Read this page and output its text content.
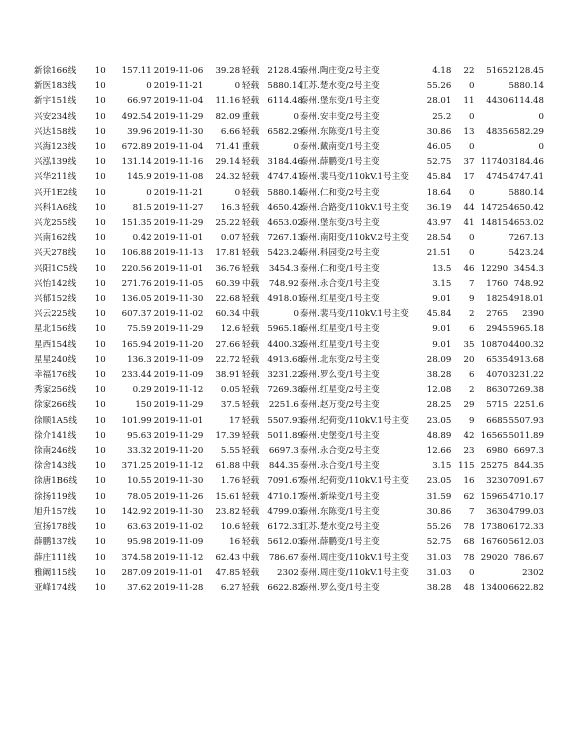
新徐166线	10	157.11	2019-11-06	39.28	轻载	2128.45	泰州.陶庄变/2号主变	4.18	22	5165	2128.45
新医183线	10	0	2019-11-21	0	轻载	5880.14	江苏.楚水变/2号主变	55.26	0		5880.14
新宇151线	10	66.97	2019-11-04	11.16	轻载	6114.48	泰州.堡东变/1号主变	28.01	11	4430	6114.48
兴安234线	10	492.54	2019-11-29	82.09	重载	0	泰州.安丰变/2号主变	25.2	0		0
兴达158线	10	39.96	2019-11-30	6.66	轻载	6582.29	泰州.东陈变/1号主变	30.86	13	4835	6582.29
兴海123线	10	672.89	2019-11-04	71.41	重载	0	泰州.戴南变/1号主变	46.05	0		0
兴泓139线	10	131.14	2019-11-16	29.14	轻载	3184.46	泰州.薛鹏变/1号主变	52.75	37	11740	3184.46
兴华211线	10	145.9	2019-11-08	24.32	轻载	4747.41	泰州.裴马变/110kV.1号主变	45.84	17	4745	4747.41
兴开1E2线	10	0	2019-11-21	0	轻载	5880.14	泰州.仁和变/2号主变	18.64	0		5880.14
兴科1A6线	10	81.5	2019-11-27	16.3	轻载	4650.42	泰州.合路变/110kV.1号主变	36.19	44	14725	4650.42
兴龙255线	10	151.35	2019-11-29	25.22	轻载	4653.02	泰州.堡东变/3号主变	43.97	41	14815	4653.02
兴南162线	10	0.42	2019-11-01	0.07	轻载	7267.13	泰州.南阳变/110kV.2号主变	28.54	0		7267.13
兴天278线	10	106.88	2019-11-13	17.81	轻载	5423.24	泰州.科园变/2号主变	21.51	0		5423.24
兴阳1C5线	10	220.56	2019-11-01	36.76	轻载	3454.3	泰州.仁和变/1号主变	13.5	46	12290	3454.3
兴怡142线	10	271.76	2019-11-05	60.39	中载	748.92	泰州.永合变/1号主变	3.15	7	1760	748.92
兴郁152线	10	136.05	2019-11-30	22.68	轻载	4918.01	泰州.红星变/1号主变	9.01	9	1825	4918.01
兴云225线	10	607.37	2019-11-02	60.34	中载	0	泰州.裴马变/110kV.1号主变	45.84	2	2765	2390
星北156线	10	75.59	2019-11-29	12.6	轻载	5965.18	泰州.红星变/1号主变	9.01	6	2945	5965.18
星西154线	10	165.94	2019-11-20	27.66	轻载	4400.32	泰州.红星变/1号主变	9.01	35	10870	4400.32
星星240线	10	136.3	2019-11-09	22.72	轻载	4913.68	泰州.北东变/2号主变	28.09	20	6535	4913.68
幸福176线	10	233.44	2019-11-09	38.91	轻载	3231.22	泰州.罗么变/1号主变	38.28	6	4070	3231.22
秀家256线	10	0.29	2019-11-12	0.05	轻载	7269.38	泰州.红星变/2号主变	12.08	2	8630	7269.38
徐家266线	10	150	2019-11-29	37.5	轻载	2251.6	泰州.赵万变/2号主变	28.25	29	5715	2251.6
徐顺1A5线	10	101.99	2019-11-01	17	轻载	5507.93	泰州.纪荷变/110kV.1号主变	23.05	9	6685	5507.93
徐介141线	10	95.63	2019-11-29	17.39	轻载	5011.89	泰州.史堡变/1号主变	48.89	42	16565	5011.89
徐南246线	10	33.32	2019-11-20	5.55	轻载	6697.3	泰州.永合变/2号主变	12.66	23	6980	6697.3
徐舍143线	10	371.25	2019-11-12	61.88	中载	844.35	泰州.永合变/1号主变	3.15	115	25275	844.35
徐唐1B6线	10	10.55	2019-11-30	1.76	轻载	7091.67	泰州.纪荷变/110kV.1号主变	23.05	16	3230	7091.67
徐扬119线	10	78.05	2019-11-26	15.61	轻载	4710.17	泰州.新垛变/1号主变	31.59	62	15965	4710.17
旭升157线	10	142.92	2019-11-30	23.82	轻载	4799.03	泰州.东陈变/1号主变	30.86	7	3630	4799.03
宣扬178线	10	63.63	2019-11-02	10.6	轻载	6172.33	江苏.楚水变/2号主变	55.26	78	17380	6172.33
薛鹏137线	10	95.98	2019-11-09	16	轻载	5612.03	泰州.薛鹏变/1号主变	52.75	68	16760	5612.03
薛庄111线	10	374.58	2019-11-12	62.43	中载	786.67	泰州.周庄变/110kV.1号主变	31.03	78	29020	786.67
雅阚115线	10	287.09	2019-11-01	47.85	轻载	2302	泰州.周庄变/110kV.1号主变	31.03	0		2302
亚峰174线	10	37.62	2019-11-28	6.27	轻载	6622.82	泰州.罗么变/1号主变	38.28	48	13400	6622.82
